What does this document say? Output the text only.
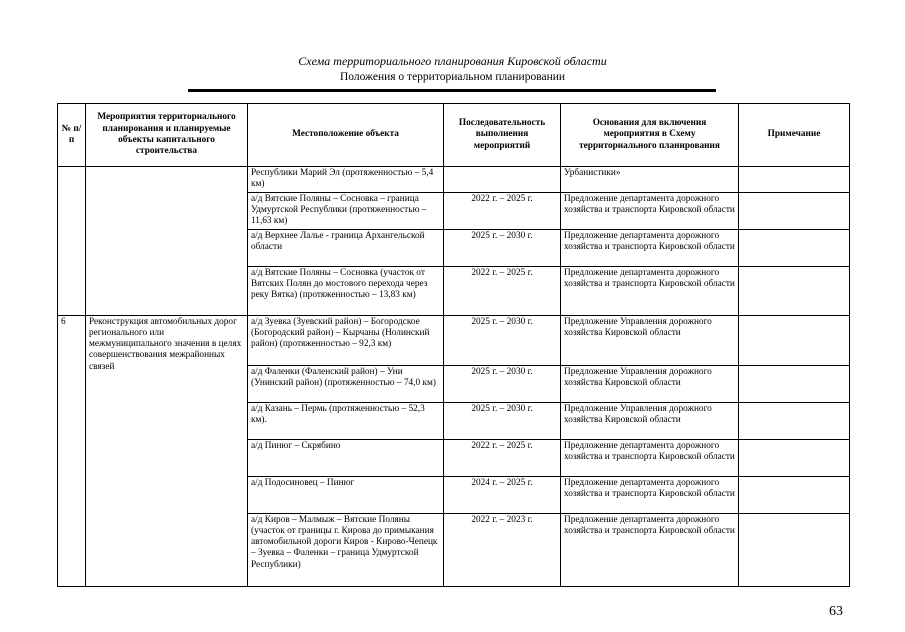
Схема территориального планирования Кировской области
Положения о территориальном планировании
№ п/п	Мероприятия территориального планирования и планируемые объекты капитального строительства	Местоположение объекта	Последовательность выполнения мероприятий	Основания для включения мероприятия в Схему территориального планирования	Примечание
		Республики Марий Эл (протяженностью – 5,4 км)		Урбанистики»	
		а/д Вятские Поляны – Сосновка – граница Удмуртской Республики (протяженностью – 11,63 км)	2022 г. – 2025 г.	Предложение департамента дорожного хозяйства и транспорта Кировской области	
		а/д Верхнее Лалье - граница Архангельской области	2025 г. – 2030 г.	Предложение департамента дорожного хозяйства и транспорта Кировской области	
		а/д Вятские Поляны – Сосновка (участок от Вятских Полян до мостового перехода через реку Вятка) (протяженностью – 13,83 км)	2022 г. – 2025 г.	Предложение департамента дорожного хозяйства и транспорта Кировской области	
6	Реконструкция автомобильных дорог регионального или межмуниципального значения в целях совершенствования межрайонных связей	а/д Зуевка (Зуевский район) – Богородское (Богородский район) – Кырчаны (Нолинский район) (протяженностью – 92,3 км)	2025 г. – 2030 г.	Предложение Управления дорожного хозяйства Кировской области	
		а/д Фаленки (Фаленский район) – Уни (Унинский район) (протяженностью – 74,0 км)	2025 г. – 2030 г.	Предложение Управления дорожного хозяйства Кировской области	
		а/д Казань – Пермь (протяженностью – 52,3 км).	2025 г. – 2030 г.	Предложение Управления дорожного хозяйства Кировской области	
		а/д Пинюг – Скрябино	2022 г. – 2025 г.	Предложение департамента дорожного хозяйства и транспорта Кировской области	
		а/д Подосиновец – Пинюг	2024 г. – 2025 г.	Предложение департамента дорожного хозяйства и транспорта Кировской области	
		а/д Киров – Малмыж – Вятские Поляны (участок от границы г. Кирова до примыкания автомобильной дороги Киров - Кирово-Чепецк – Зуевка – Фаленки – граница Удмуртской Республики)	2022 г. – 2023 г.	Предложение департамента дорожного хозяйства и транспорта Кировской области	
63
